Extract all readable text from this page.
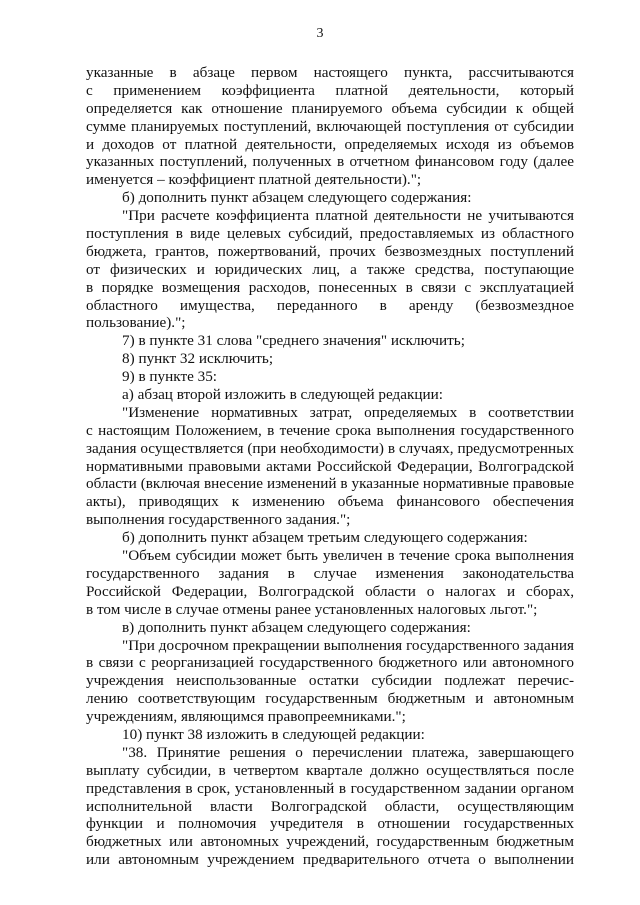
3
указанные в абзаце первом настоящего пункта, рассчитываются
с применением коэффициента платной деятельности, который
определяется как отношение планируемого объема субсидии к общей
сумме планируемых поступлений, включающей поступления от субсидии
и доходов от платной деятельности, определяемых исходя из объемов
указанных поступлений, полученных в отчетном финансовом году (далее
именуется – коэффициент платной деятельности).";
б) дополнить пункт абзацем следующего содержания:
"При расчете коэффициента платной деятельности не учитываются
поступления в виде целевых субсидий, предоставляемых из областного
бюджета, грантов, пожертвований, прочих безвозмездных поступлений
от физических и юридических лиц, а также средства, поступающие
в порядке возмещения расходов, понесенных в связи с эксплуатацией
областного имущества, переданного в аренду (безвозмездное
пользование).";
7) в пункте 31 слова "среднего значения" исключить;
8) пункт 32 исключить;
9) в пункте 35:
а) абзац второй изложить в следующей редакции:
"Изменение нормативных затрат, определяемых в соответствии
с настоящим Положением, в течение срока выполнения государственного
задания осуществляется (при необходимости) в случаях, предусмотренных
нормативными правовыми актами Российской Федерации, Волгоградской
области (включая внесение изменений в указанные нормативные правовые
акты), приводящих к изменению объема финансового обеспечения
выполнения государственного задания.";
б) дополнить пункт абзацем третьим следующего содержания:
"Объем субсидии может быть увеличен в течение срока выполнения
государственного задания в случае изменения законодательства
Российской Федерации, Волгоградской области о налогах и сборах,
в том числе в случае отмены ранее установленных налоговых льгот.";
в) дополнить пункт абзацем следующего содержания:
"При досрочном прекращении выполнения государственного задания
в связи с реорганизацией государственного бюджетного или автономного
учреждения неиспользованные остатки субсидии подлежат перечис-
лению соответствующим государственным бюджетным и автономным
учреждениям, являющимся правопреемниками.";
10) пункт 38 изложить в следующей редакции:
"38. Принятие решения о перечислении платежа, завершающего
выплату субсидии, в четвертом квартале должно осуществляться после
представления в срок, установленный в государственном задании органом
исполнительной власти Волгоградской области, осуществляющим
функции и полномочия учредителя в отношении государственных
бюджетных или автономных учреждений, государственным бюджетным
или автономным учреждением предварительного отчета о выполнении
